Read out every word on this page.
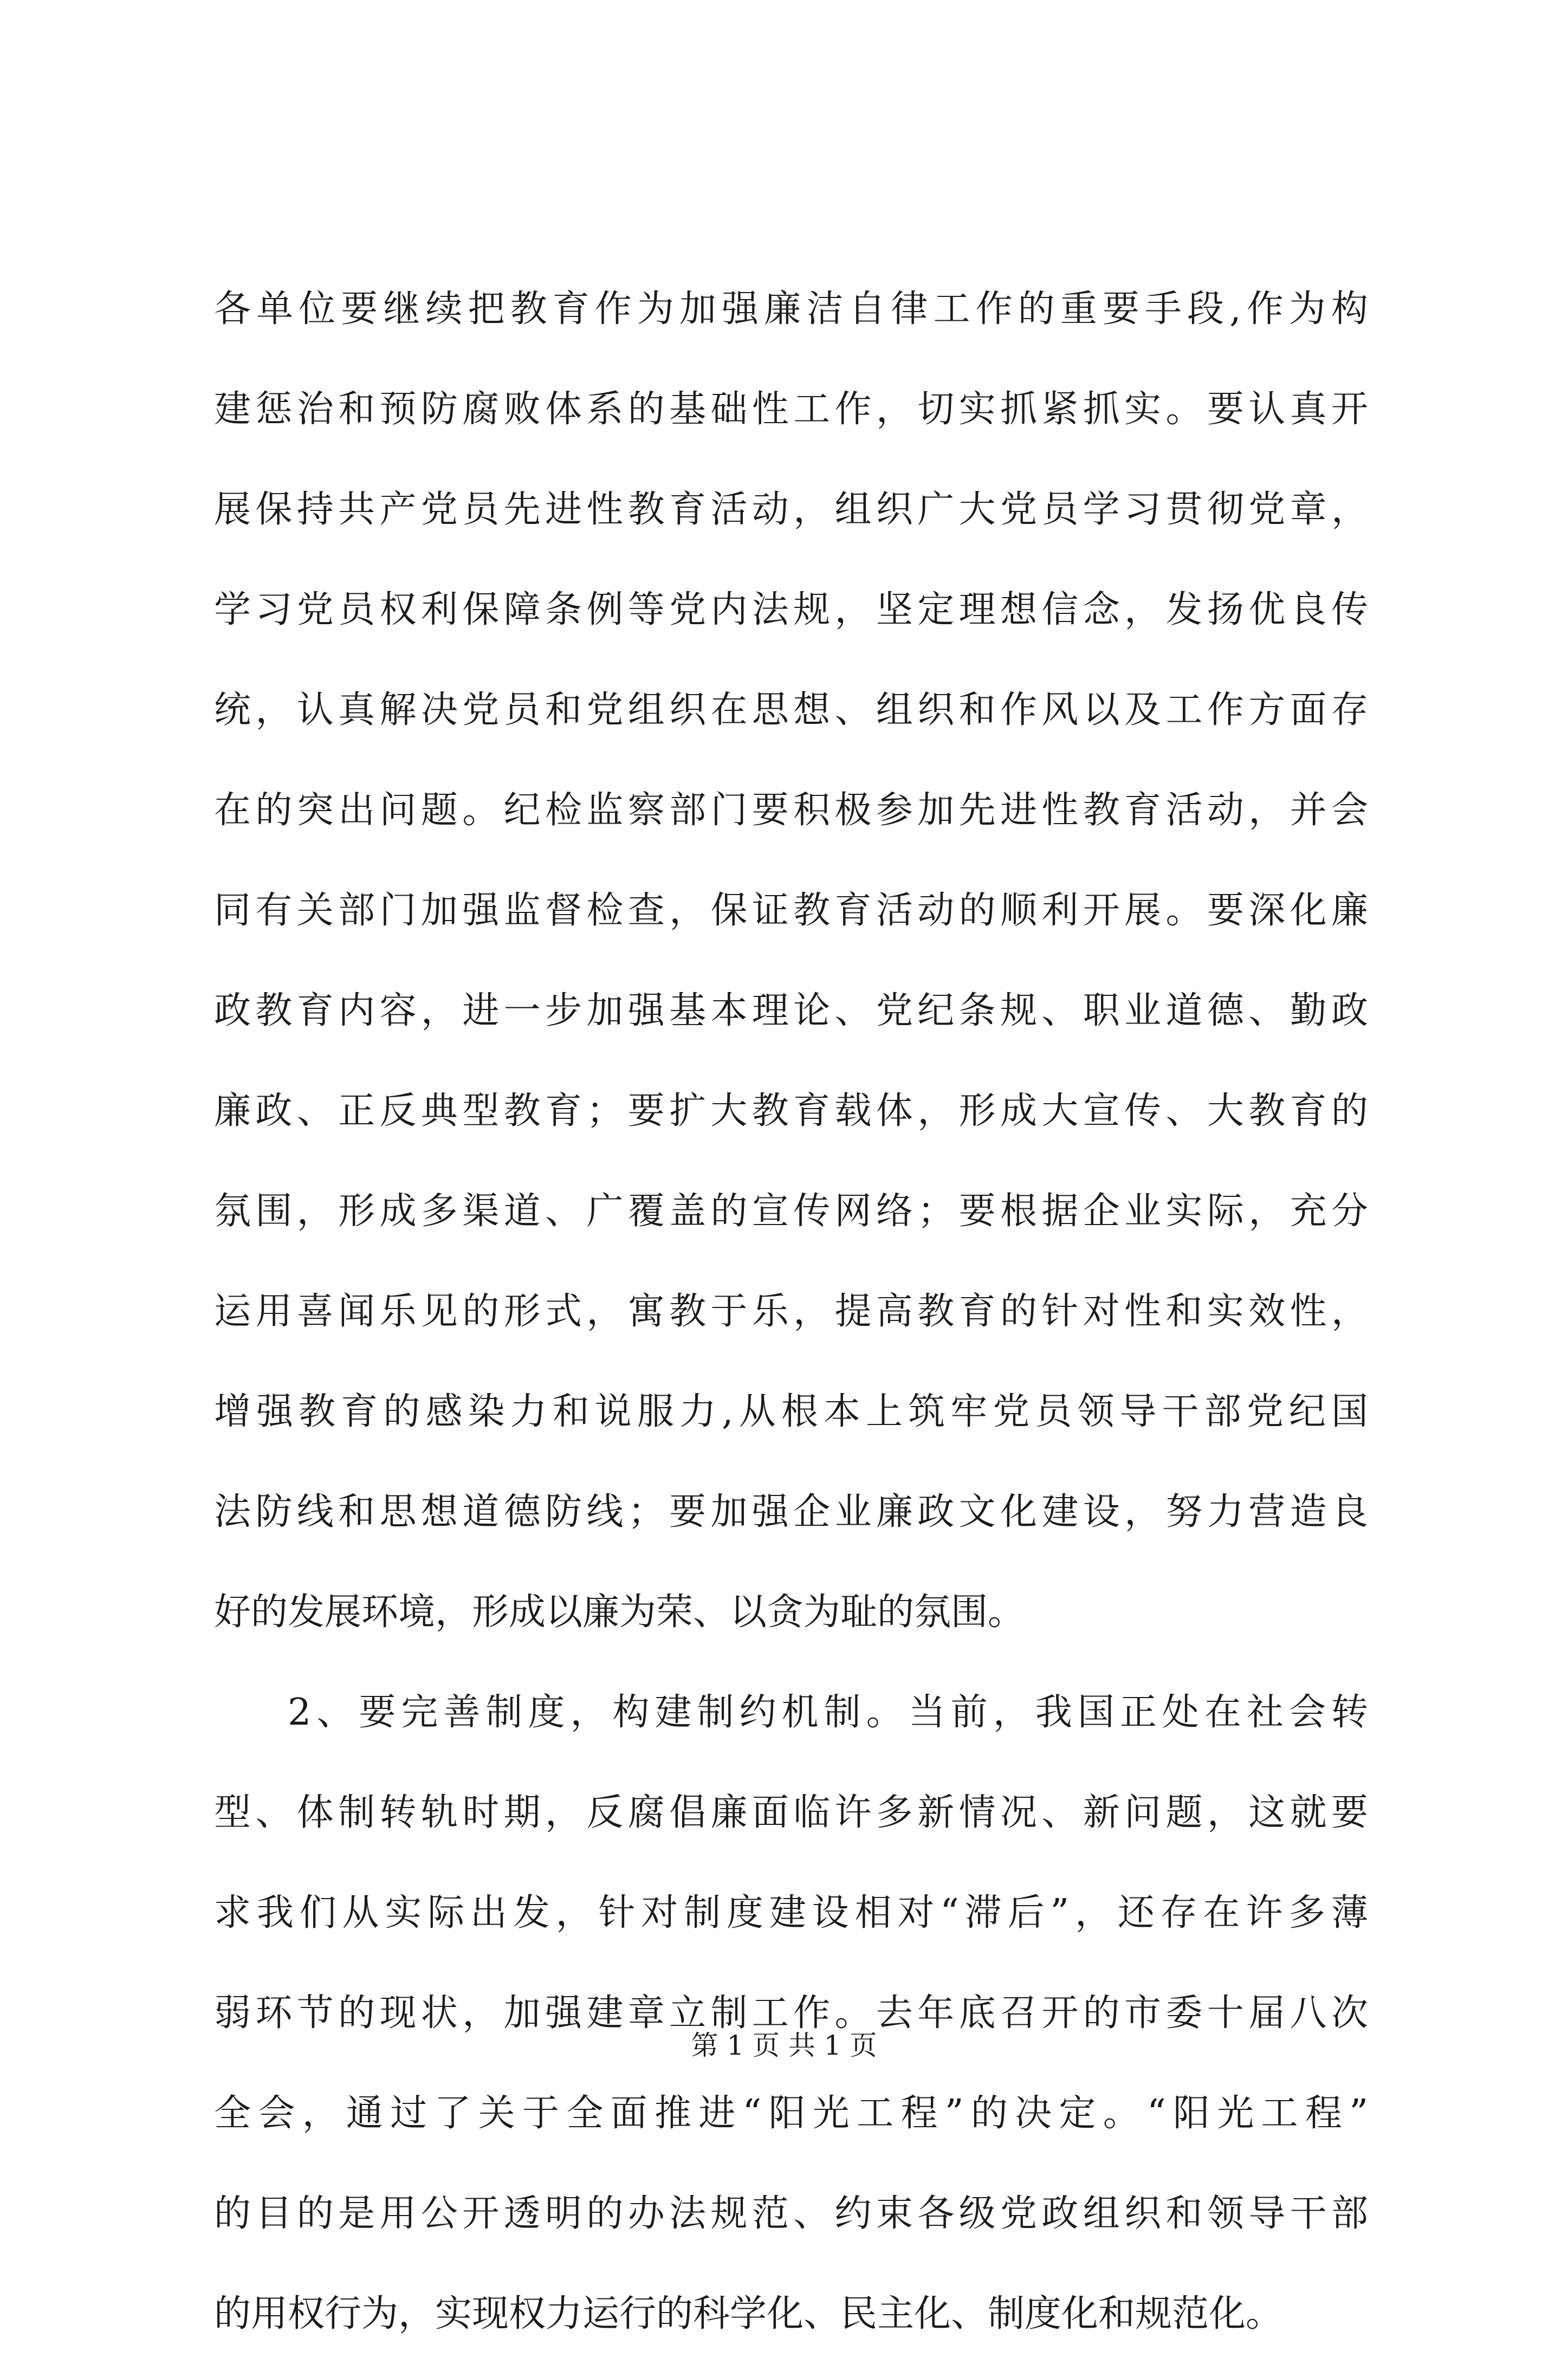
各单位要继续把教育作为加强廉洁自律工作的重要手段,作为构
建惩治和预防腐败体系的基础性工作，切实抓紧抓实。要认真开
展保持共产党员先进性教育活动，组织广大党员学习贯彻党章，
学习党员权利保障条例等党内法规，坚定理想信念，发扬优良传
统，认真解决党员和党组织在思想、组织和作风以及工作方面存
在的突出问题。纪检监察部门要积极参加先进性教育活动，并会
同有关部门加强监督检查，保证教育活动的顺利开展。要深化廉
政教育内容，进一步加强基本理论、党纪条规、职业道德、勤政
廉政、正反典型教育；要扩大教育载体，形成大宣传、大教育的
氛围，形成多渠道、广覆盖的宣传网络；要根据企业实际，充分
运用喜闻乐见的形式，寓教于乐，提高教育的针对性和实效性，
增强教育的感染力和说服力,从根本上筑牢党员领导干部党纪国
法防线和思想道德防线；要加强企业廉政文化建设，努力营造良
好的发展环境，形成以廉为荣、以贪为耻的氛围。
2、要完善制度，构建制约机制。当前，我国正处在社会转
型、体制转轨时期，反腐倡廉面临许多新情况、新问题，这就要
求我们从实际出发，针对制度建设相对“滞后”，还存在许多薄
弱环节的现状，加强建章立制工作。去年底召开的市委十届八次
全会，通过了关于全面推进“阳光工程”的决定。“阳光工程”
的目的是用公开透明的办法规范、约束各级党政组织和领导干部
的用权行为，实现权力运行的科学化、民主化、制度化和规范化。
第 1 页 共 1 页
